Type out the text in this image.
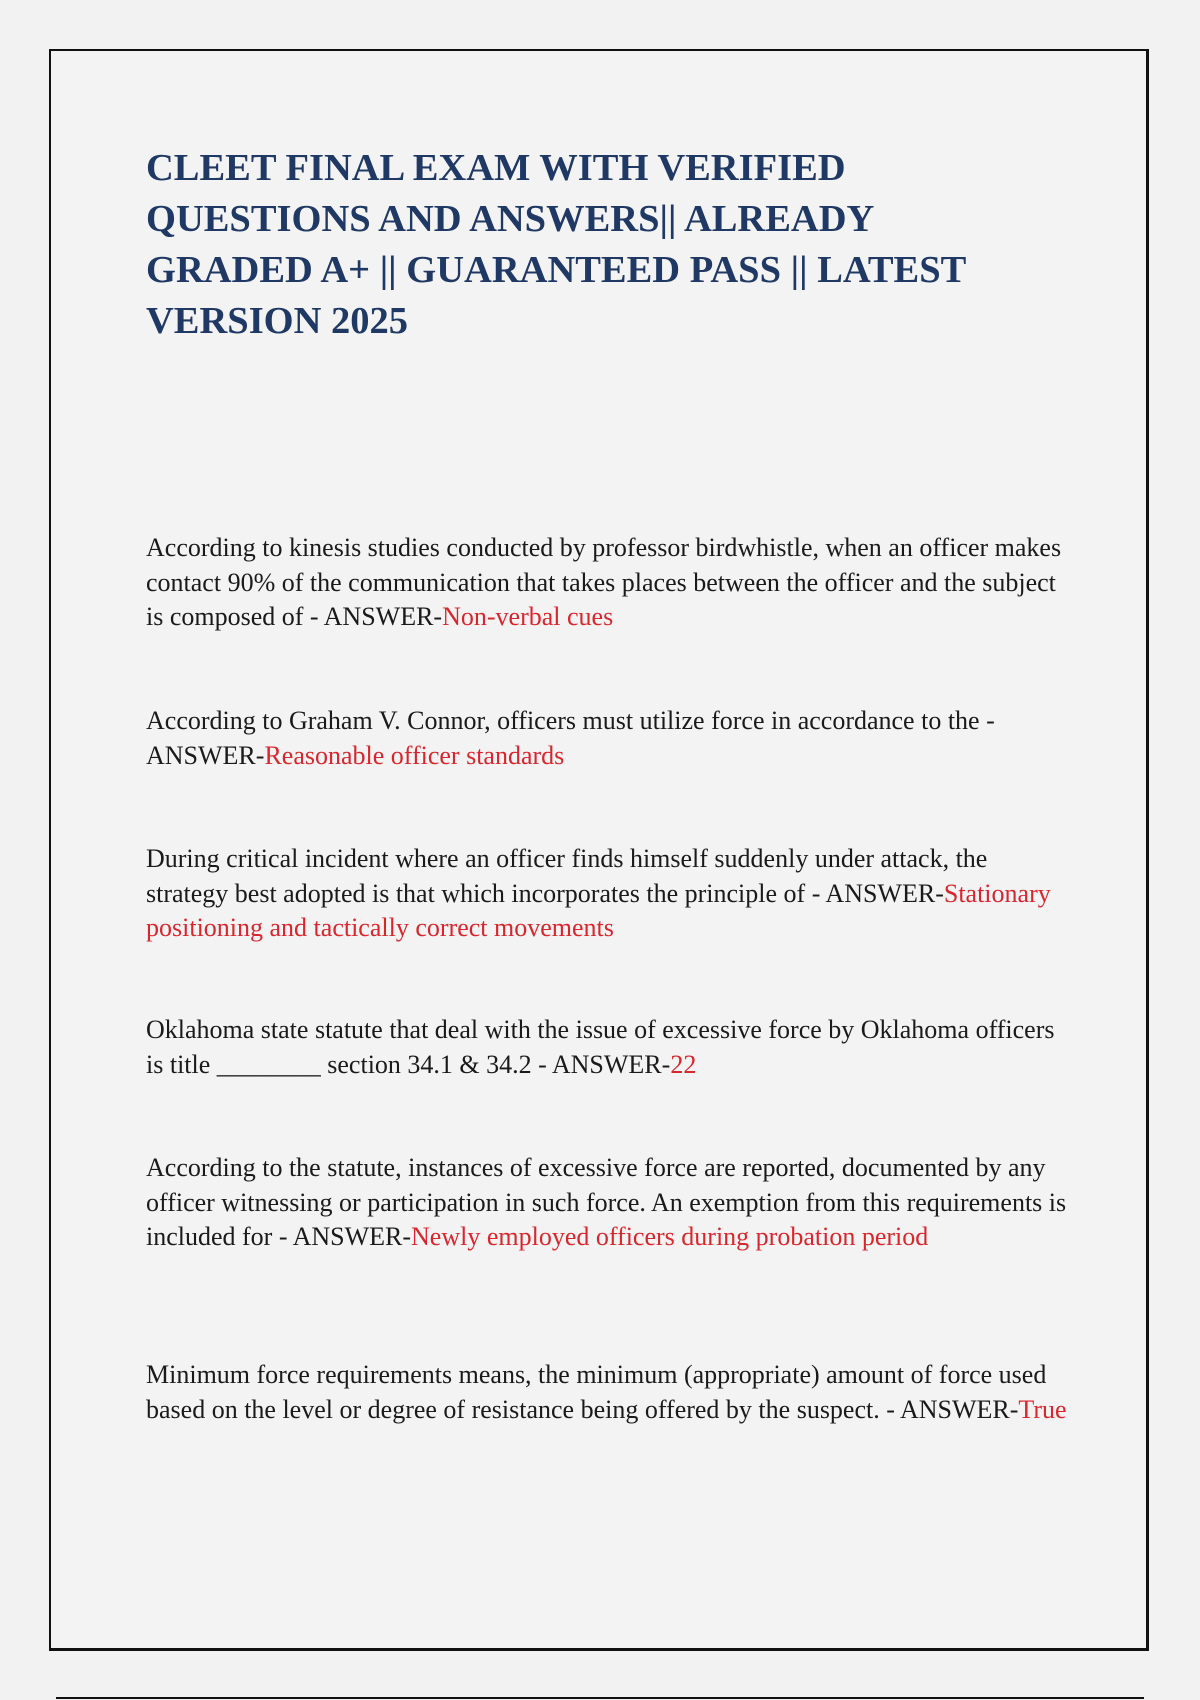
CLEET FINAL EXAM WITH VERIFIED QUESTIONS AND ANSWERS|| ALREADY GRADED A+ || GUARANTEED PASS || LATEST VERSION 2025

According to kinesis studies conducted by professor birdwhistle, when an officer makes contact 90% of the communication that takes places between the officer and the subject is composed of - ANSWER-Non-verbal cues

According to Graham V. Connor, officers must utilize force in accordance to the - ANSWER-Reasonable officer standards

During critical incident where an officer finds himself suddenly under attack, the strategy best adopted is that which incorporates the principle of - ANSWER-Stationary positioning and tactically correct movements

Oklahoma state statute that deal with the issue of excessive force by Oklahoma officers is title ________ section 34.1 & 34.2 - ANSWER-22

According to the statute, instances of excessive force are reported, documented by any officer witnessing or participation in such force. An exemption from this requirements is included for - ANSWER-Newly employed officers during probation period

Minimum force requirements means, the minimum (appropriate) amount of force used based on the level or degree of resistance being offered by the suspect. - ANSWER-True
